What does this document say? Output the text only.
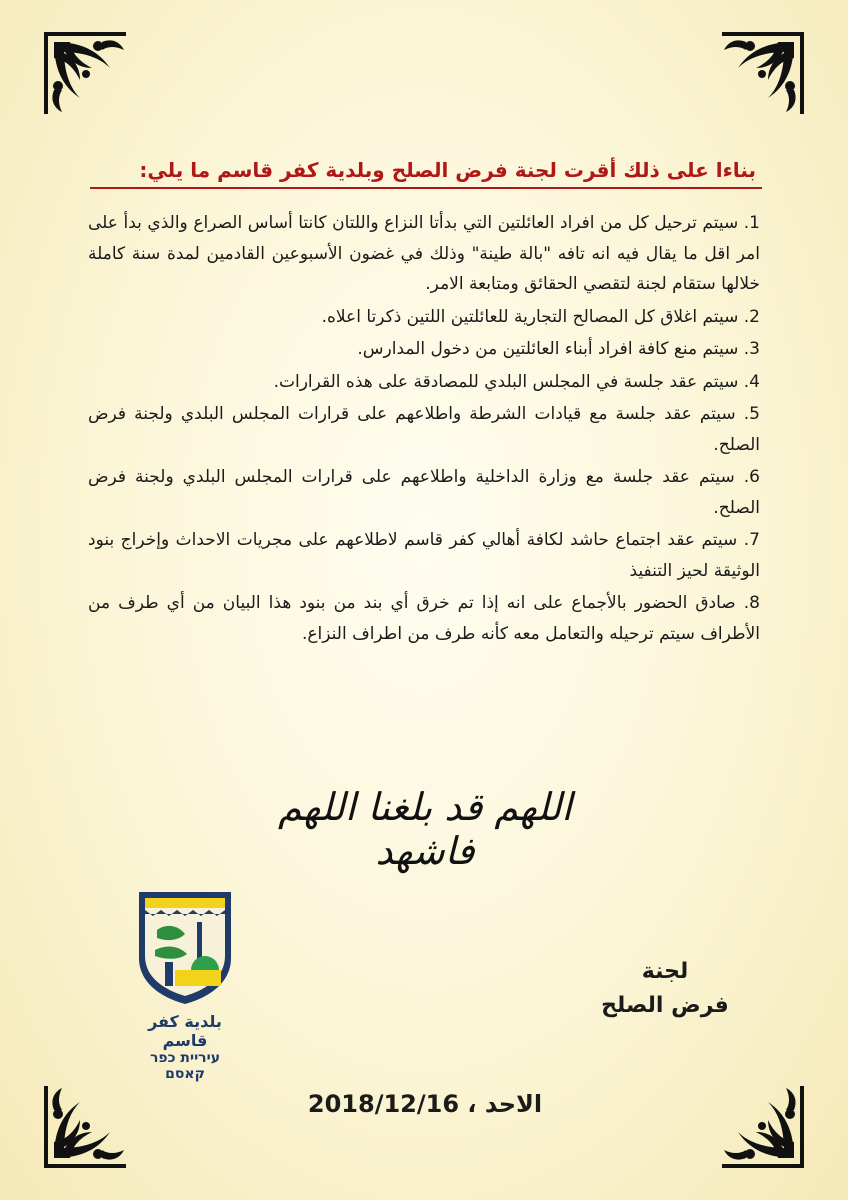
بناءا على ذلك أقرت لجنة فرض الصلح وبلدية كفر قاسم ما يلي:

1. سيتم ترحيل كل من افراد العائلتين التي بدأتا النزاع واللتان كانتا أساس الصراع والذي بدأ على امر اقل ما يقال فيه انه تافه "بالة طينة" وذلك في غضون الأسبوعين القادمين لمدة سنة كاملة خلالها ستقام لجنة لتقصي الحقائق ومتابعة الامر.

2. سيتم اغلاق كل المصالح التجارية للعائلتين اللتين ذكرتا اعلاه.

3. سيتم منع كافة افراد أبناء العائلتين من دخول المدارس.

4. سيتم عقد جلسة في المجلس البلدي للمصادقة على هذه القرارات.

5. سيتم عقد جلسة مع قيادات الشرطة واطلاعهم على قرارات المجلس البلدي ولجنة فرض الصلح.

6. سيتم عقد جلسة مع وزارة الداخلية واطلاعهم على قرارات المجلس البلدي ولجنة فرض الصلح.

7. سيتم عقد اجتماع حاشد لكافة أهالي كفر قاسم لاطلاعهم على مجريات الاحداث وإخراج بنود الوثيقة لحيز التنفيذ

8. صادق الحضور بالأجماع على انه إذا تم خرق أي بند من بنود هذا البيان من أي طرف من الأطراف سيتم ترحيله والتعامل معه كأنه طرف من اطراف النزاع.

اللهم قد بلغنا اللهم فاشهد
بلدية كفر قاسم
עיריית כפר קאסם
لجنة
فرض الصلح
الاحد ، 2018/12/16
